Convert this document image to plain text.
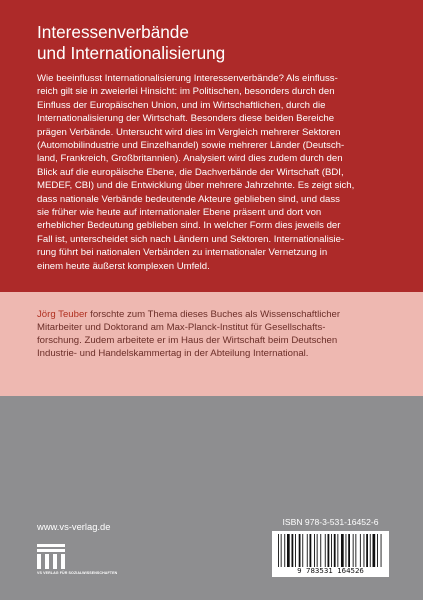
Interessenverbände
und Internationalisierung

Wie beeinflusst Internationalisierung Interessenverbände? Als einfluss-
reich gilt sie in zweierlei Hinsicht: im Politischen, besonders durch den
Einfluss der Europäischen Union, und im Wirtschaftlichen, durch die
Internationalisierung der Wirtschaft. Besonders diese beiden Bereiche
prägen Verbände. Untersucht wird dies im Vergleich mehrerer Sektoren
(Automobilindustrie und Einzelhandel) sowie mehrerer Länder (Deutsch-
land, Frankreich, Großbritannien). Analysiert wird dies zudem durch den
Blick auf die europäische Ebene, die Dachverbände der Wirtschaft (BDI,
MEDEF, CBI) und die Entwicklung über mehrere Jahrzehnte. Es zeigt sich,
dass nationale Verbände bedeutende Akteure geblieben sind, und dass
sie früher wie heute auf internationaler Ebene präsent und dort von
erheblicher Bedeutung geblieben sind. In welcher Form dies jeweils der
Fall ist, unterscheidet sich nach Ländern und Sektoren. Internationalisie-
rung führt bei nationalen Verbänden zu internationaler Vernetzung in
einem heute äußerst komplexen Umfeld.

Jörg Teuber forschte zum Thema dieses Buches als Wissenschaftlicher
Mitarbeiter und Doktorand am Max-Planck-Institut für Gesellschafts-
forschung. Zudem arbeitete er im Haus der Wirtschaft beim Deutschen
Industrie- und Handelskammertag in der Abteilung International.

www.vs-verlag.de
VS VERLAG FÜR SOZIALWISSENSCHAFTEN
ISBN 978-3-531-16452-6
9 783531 164526
